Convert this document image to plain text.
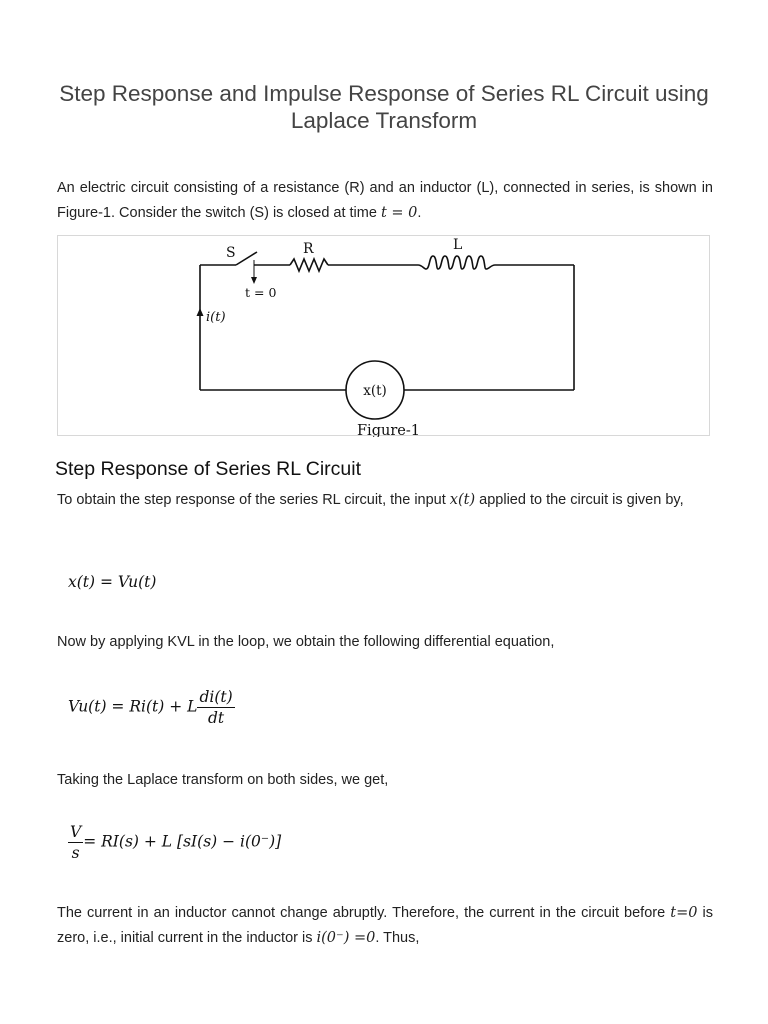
Step Response and Impulse Response of Series RL Circuit using Laplace Transform

An electric circuit consisting of a resistance (R) and an inductor (L), connected in series, is shown in Figure-1. Consider the switch (S) is closed at time t = 0.

S	R	L
t = 0
i(t)
x(t)
Figure-1
Step Response of Series RL Circuit

To obtain the step response of the series RL circuit, the input x(t) applied to the circuit is given by,

x(t) = Vu(t)

Now by applying KVL in the loop, we obtain the following differential equation,

Vu(t) = Ri(t) + L $\frac{di(t)}{dt}$

Taking the Laplace transform on both sides, we get,

$\frac{V}{s} = RI(s) + L$ [sI(s) − i(0⁻)]

The current in an inductor cannot change abruptly. Therefore, the current in the circuit before t=0 is zero, i.e., initial current in the inductor is i(0⁻) =0. Thus,
